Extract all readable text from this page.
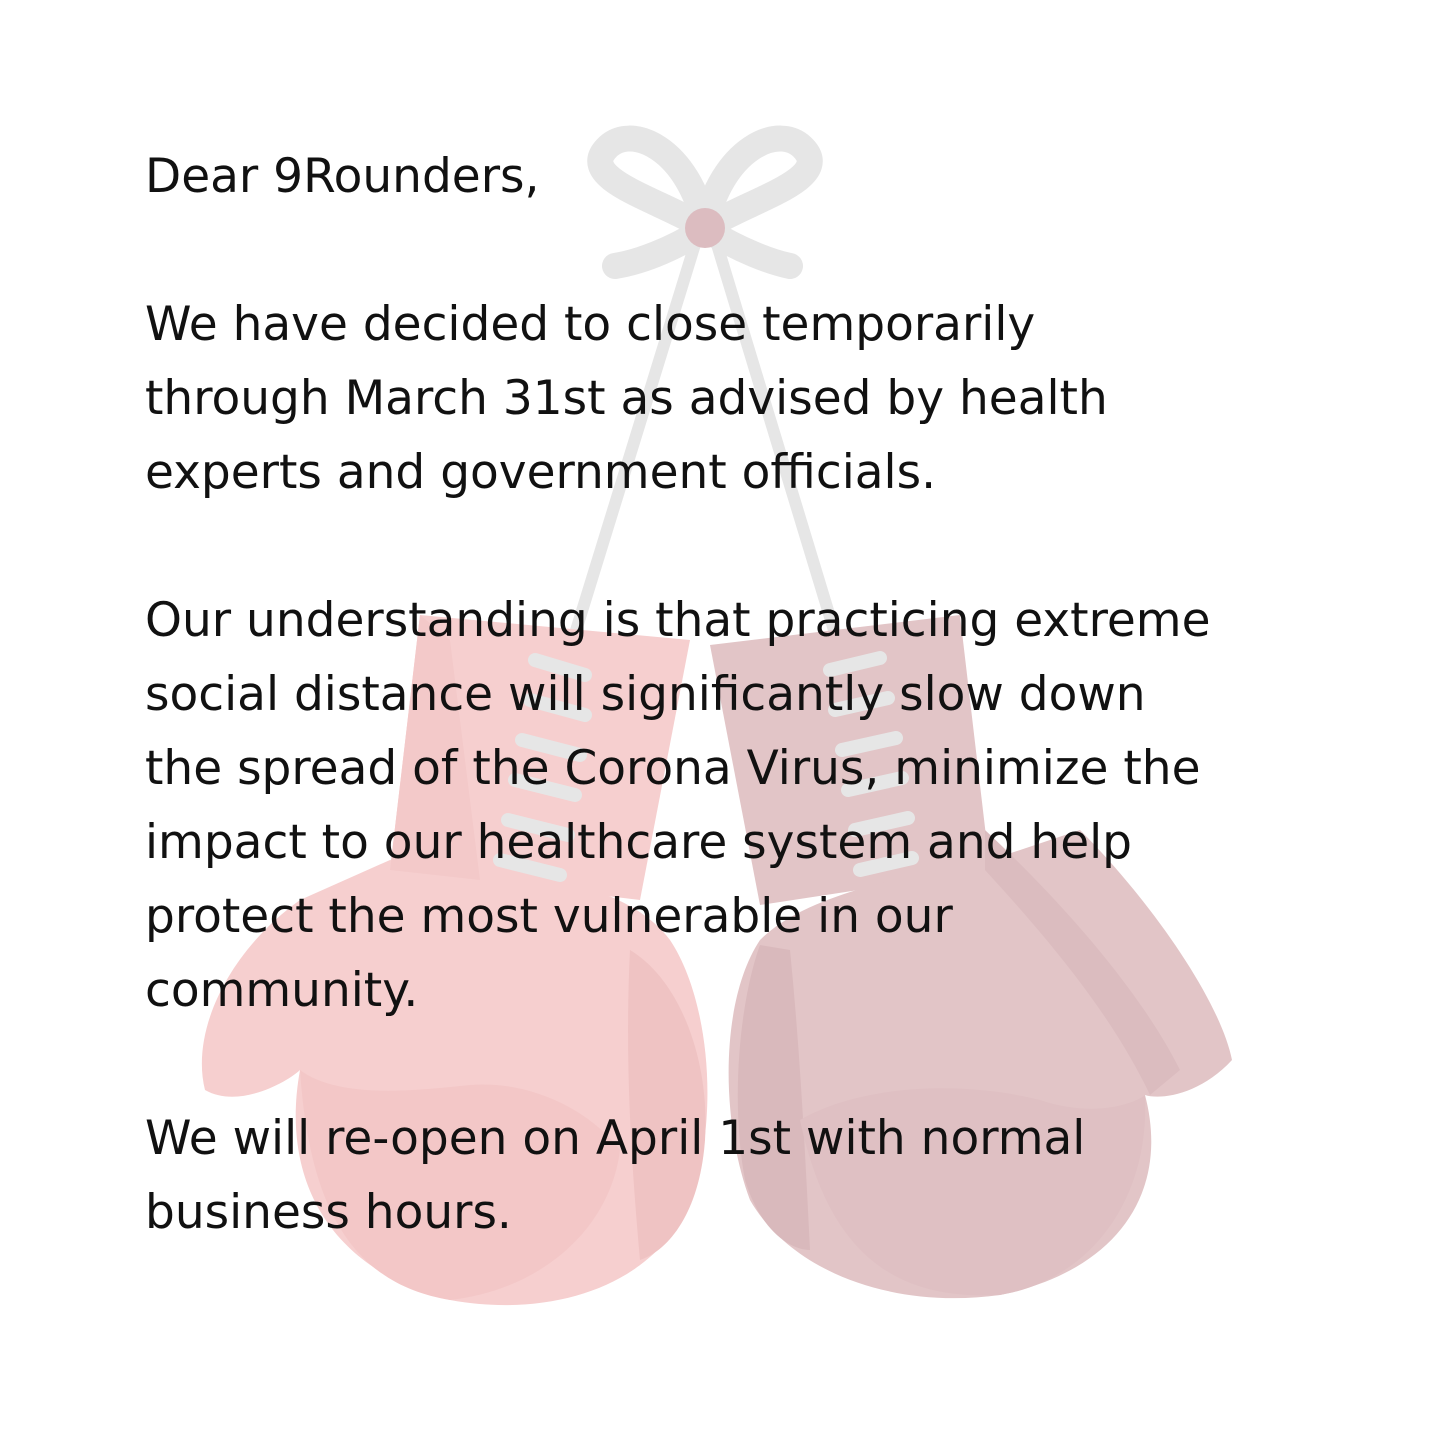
Dear 9Rounders,

We have decided to close temporarily
through March 31st as advised by health
experts and government officials.

Our understanding is that practicing extreme
social distance will significantly slow down
the spread of the Corona Virus, minimize the
impact to our healthcare system and help
protect the most vulnerable in our
community.

We will re-open on April 1st with normal
business hours.
